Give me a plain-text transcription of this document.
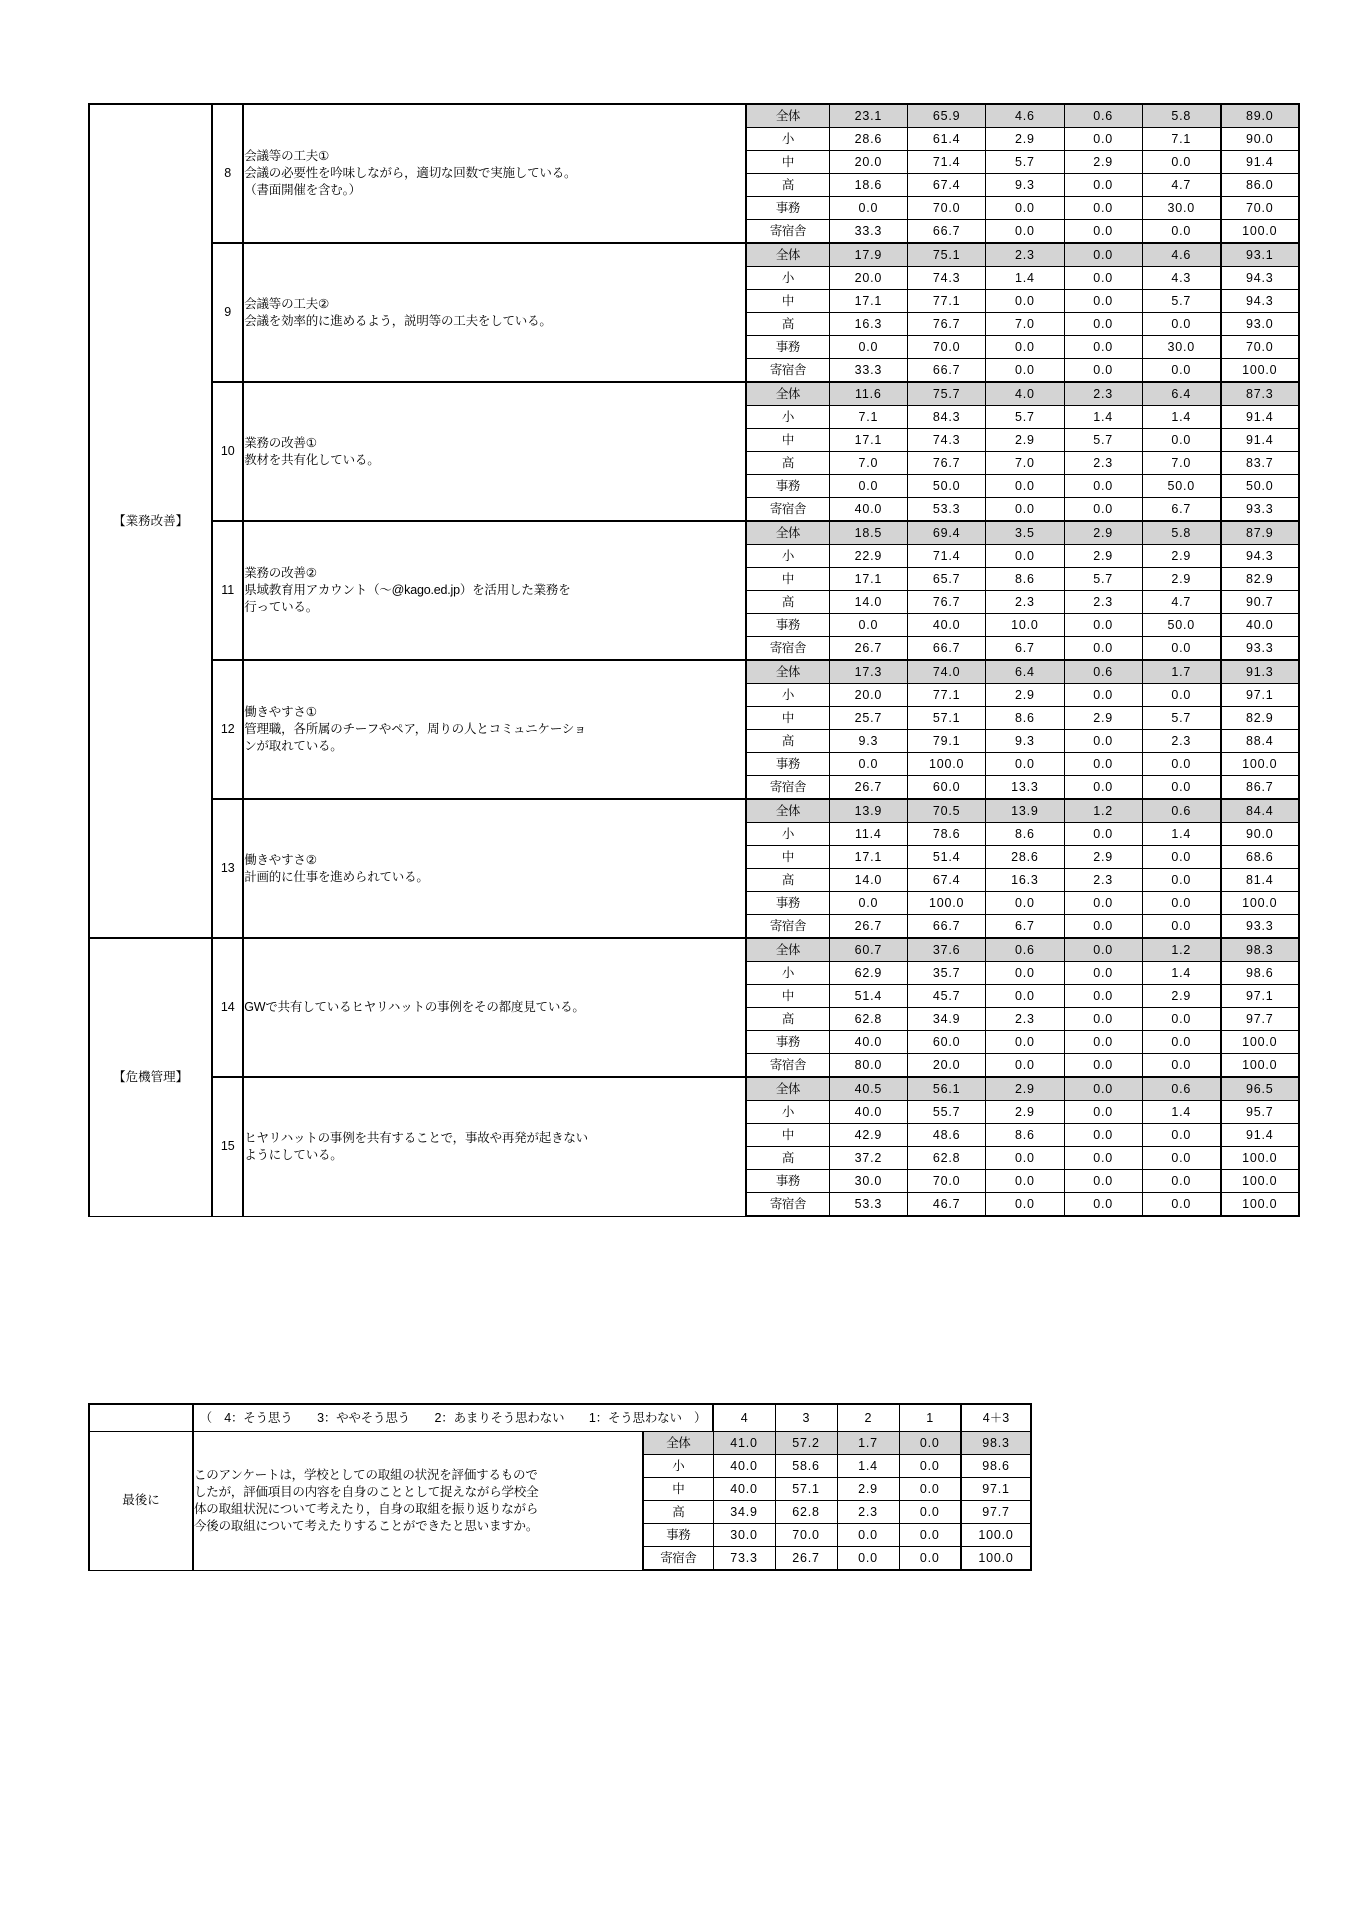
【業務改善】	8	会議等の工夫①
会議の必要性を吟味しながら，適切な回数で実施している。
（書面開催を含む。）	全体	23.1	65.9	4.6	0.6	5.8	89.0
			小	28.6	61.4	2.9	0.0	7.1	90.0
			中	20.0	71.4	5.7	2.9	0.0	91.4
			高	18.6	67.4	9.3	0.0	4.7	86.0
			事務	0.0	70.0	0.0	0.0	30.0	70.0
			寄宿舎	33.3	66.7	0.0	0.0	0.0	100.0
	9	会議等の工夫②
会議を効率的に進めるよう，説明等の工夫をしている。	全体	17.9	75.1	2.3	0.0	4.6	93.1
			小	20.0	74.3	1.4	0.0	4.3	94.3
			中	17.1	77.1	0.0	0.0	5.7	94.3
			高	16.3	76.7	7.0	0.0	0.0	93.0
			事務	0.0	70.0	0.0	0.0	30.0	70.0
			寄宿舎	33.3	66.7	0.0	0.0	0.0	100.0
	10	業務の改善①
教材を共有化している。	全体	11.6	75.7	4.0	2.3	6.4	87.3
			小	7.1	84.3	5.7	1.4	1.4	91.4
			中	17.1	74.3	2.9	5.7	0.0	91.4
			高	7.0	76.7	7.0	2.3	7.0	83.7
			事務	0.0	50.0	0.0	0.0	50.0	50.0
			寄宿舎	40.0	53.3	0.0	0.0	6.7	93.3
	11	業務の改善②
県域教育用アカウント（～@kago.ed.jp）を活用した業務を
行っている。	全体	18.5	69.4	3.5	2.9	5.8	87.9
			小	22.9	71.4	0.0	2.9	2.9	94.3
			中	17.1	65.7	8.6	5.7	2.9	82.9
			高	14.0	76.7	2.3	2.3	4.7	90.7
			事務	0.0	40.0	10.0	0.0	50.0	40.0
			寄宿舎	26.7	66.7	6.7	0.0	0.0	93.3
	12	働きやすさ①
管理職，各所属のチーフやペア，周りの人とコミュニケーショ
ンが取れている。	全体	17.3	74.0	6.4	0.6	1.7	91.3
			小	20.0	77.1	2.9	0.0	0.0	97.1
			中	25.7	57.1	8.6	2.9	5.7	82.9
			高	9.3	79.1	9.3	0.0	2.3	88.4
			事務	0.0	100.0	0.0	0.0	0.0	100.0
			寄宿舎	26.7	60.0	13.3	0.0	0.0	86.7
	13	働きやすさ②
計画的に仕事を進められている。	全体	13.9	70.5	13.9	1.2	0.6	84.4
			小	11.4	78.6	8.6	0.0	1.4	90.0
			中	17.1	51.4	28.6	2.9	0.0	68.6
			高	14.0	67.4	16.3	2.3	0.0	81.4
			事務	0.0	100.0	0.0	0.0	0.0	100.0
			寄宿舎	26.7	66.7	6.7	0.0	0.0	93.3
【危機管理】	14	GWで共有しているヒヤリハットの事例をその都度見ている。	全体	60.7	37.6	0.6	0.0	1.2	98.3
			小	62.9	35.7	0.0	0.0	1.4	98.6
			中	51.4	45.7	0.0	0.0	2.9	97.1
			高	62.8	34.9	2.3	0.0	0.0	97.7
			事務	40.0	60.0	0.0	0.0	0.0	100.0
			寄宿舎	80.0	20.0	0.0	0.0	0.0	100.0
	15	ヒヤリハットの事例を共有することで，事故や再発が起きない
ようにしている。	全体	40.5	56.1	2.9	0.0	0.6	96.5
			小	40.0	55.7	2.9	0.0	1.4	95.7
			中	42.9	48.6	8.6	0.0	0.0	91.4
			高	37.2	62.8	0.0	0.0	0.0	100.0
			事務	30.0	70.0	0.0	0.0	0.0	100.0
			寄宿舎	53.3	46.7	0.0	0.0	0.0	100.0
	（　4：そう思う　　3：ややそう思う　　2：あまりそう思わない　　1：そう思わない　）		4	3	2	1	4＋3
最後に	このアンケートは，学校としての取組の状況を評価するもので
したが，評価項目の内容を自身のこととして捉えながら学校全
体の取組状況について考えたり，自身の取組を振り返りながら
今後の取組について考えたりすることができたと思いますか。	全体	41.0	57.2	1.7	0.0	98.3
		小	40.0	58.6	1.4	0.0	98.6
		中	40.0	57.1	2.9	0.0	97.1
		高	34.9	62.8	2.3	0.0	97.7
		事務	30.0	70.0	0.0	0.0	100.0
		寄宿舎	73.3	26.7	0.0	0.0	100.0
